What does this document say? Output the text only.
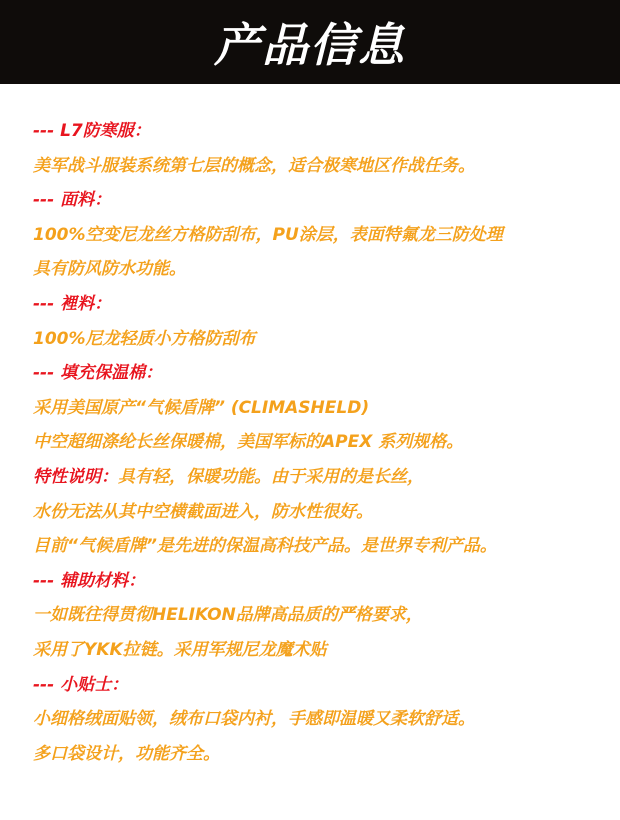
产品信息
--- L7防寒服：
美军战斗服装系统第七层的概念，适合极寒地区作战任务。
--- 面料：
100%空变尼龙丝方格防刮布，PU涂层，表面特氟龙三防处理
具有防风防水功能。
--- 裡料：
100%尼龙轻质小方格防刮布
--- 填充保温棉：
采用美国原产“气候盾牌” (CLIMASHELD)
中空超细涤纶长丝保暖棉，美国军标的APEX 系列规格。
特性说明：具有轻，保暖功能。由于采用的是长丝，
水份无法从其中空横截面进入，防水性很好。
目前“气候盾牌”是先进的保温高科技产品。是世界专利产品。
--- 辅助材料：
一如既往得贯彻HELIKON品牌高品质的严格要求，
采用了YKK拉链。采用军规尼龙魔术贴
--- 小贴士：
小细格绒面贴领，绒布口袋内衬，手感即温暖又柔软舒适。
多口袋设计，功能齐全。
